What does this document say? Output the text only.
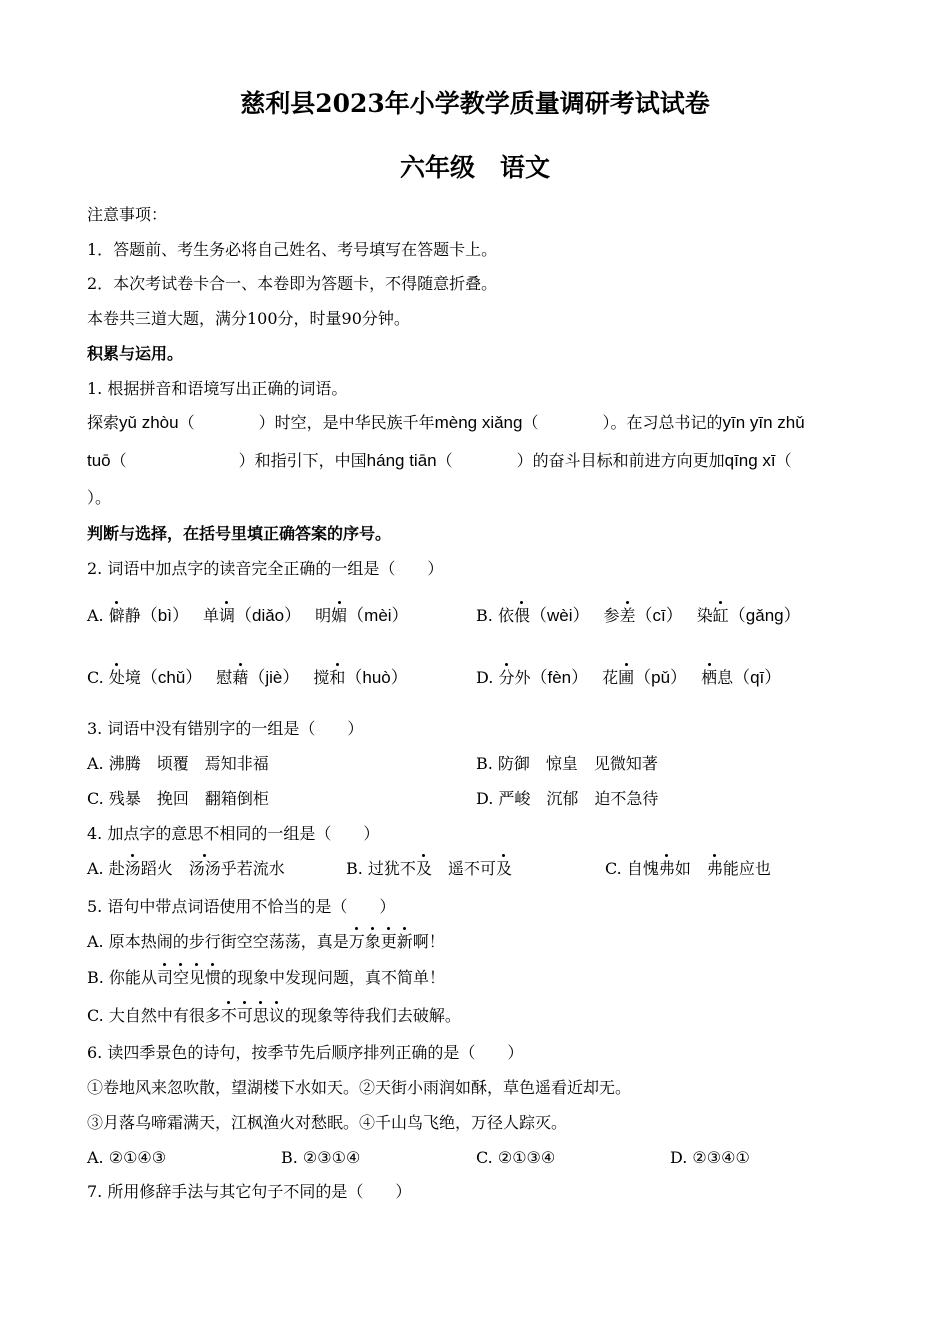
慈利县2023年小学教学质量调研考试试卷
六年级　语文
注意事项：
1．答题前、考生务必将自己姓名、考号填写在答题卡上。
2．本次考试卷卡合一、本卷即为答题卡，不得随意折叠。
本卷共三道大题，满分100分，时量90分钟。
积累与运用。
1. 根据拼音和语境写出正确的词语。
探索yǔ zhòu（　　　　）时空，是中华民族千年mèng xiǎng（　　　　）。在习总书记的yīn yīn zhǔ
tuō（　　　　　　　）和指引下，中国háng tiān（　　　　）的奋斗目标和前进方向更加qīng xī（
）。
判断与选择，在括号里填正确答案的序号。
2. 词语中加点字的读音完全正确的一组是（　　）
A. 僻静（bì） 单调（diǎo） 明媚（mèi）	B. 依偎（wèi） 参差（cī） 染缸（gǎng）
C. 处境（chǔ） 慰藉（jiè） 搅和（huò）	D. 分外（fèn） 花圃（pǔ） 栖息（qī）
3. 词语中没有错别字的一组是（　　）
A. 沸腾　顷覆　焉知非福	B. 防御　惊皇　见微知著
C. 残暴　挽回　翻箱倒柜	D. 严峻　沉郁　迫不急待
4. 加点字的意思不相同的一组是（　　）
A. 赴汤蹈火　汤汤乎若流水	B. 过犹不及　遥不可及	C. 自愧弗如　弗能应也
5. 语句中带点词语使用不恰当的是（　　）
A. 原本热闹的步行街空空荡荡，真是万象更新啊！
B. 你能从司空见惯的现象中发现问题，真不简单！
C. 大自然中有很多不可思议的现象等待我们去破解。
6. 读四季景色的诗句，按季节先后顺序排列正确的是（　　）
①卷地风来忽吹散，望湖楼下水如天。②天街小雨润如酥，草色遥看近却无。
③月落乌啼霜满天，江枫渔火对愁眠。④千山鸟飞绝，万径人踪灭。
A. ②①④③	B. ②③①④	C. ②①③④	D. ②③④①
7. 所用修辞手法与其它句子不同的是（　　）
